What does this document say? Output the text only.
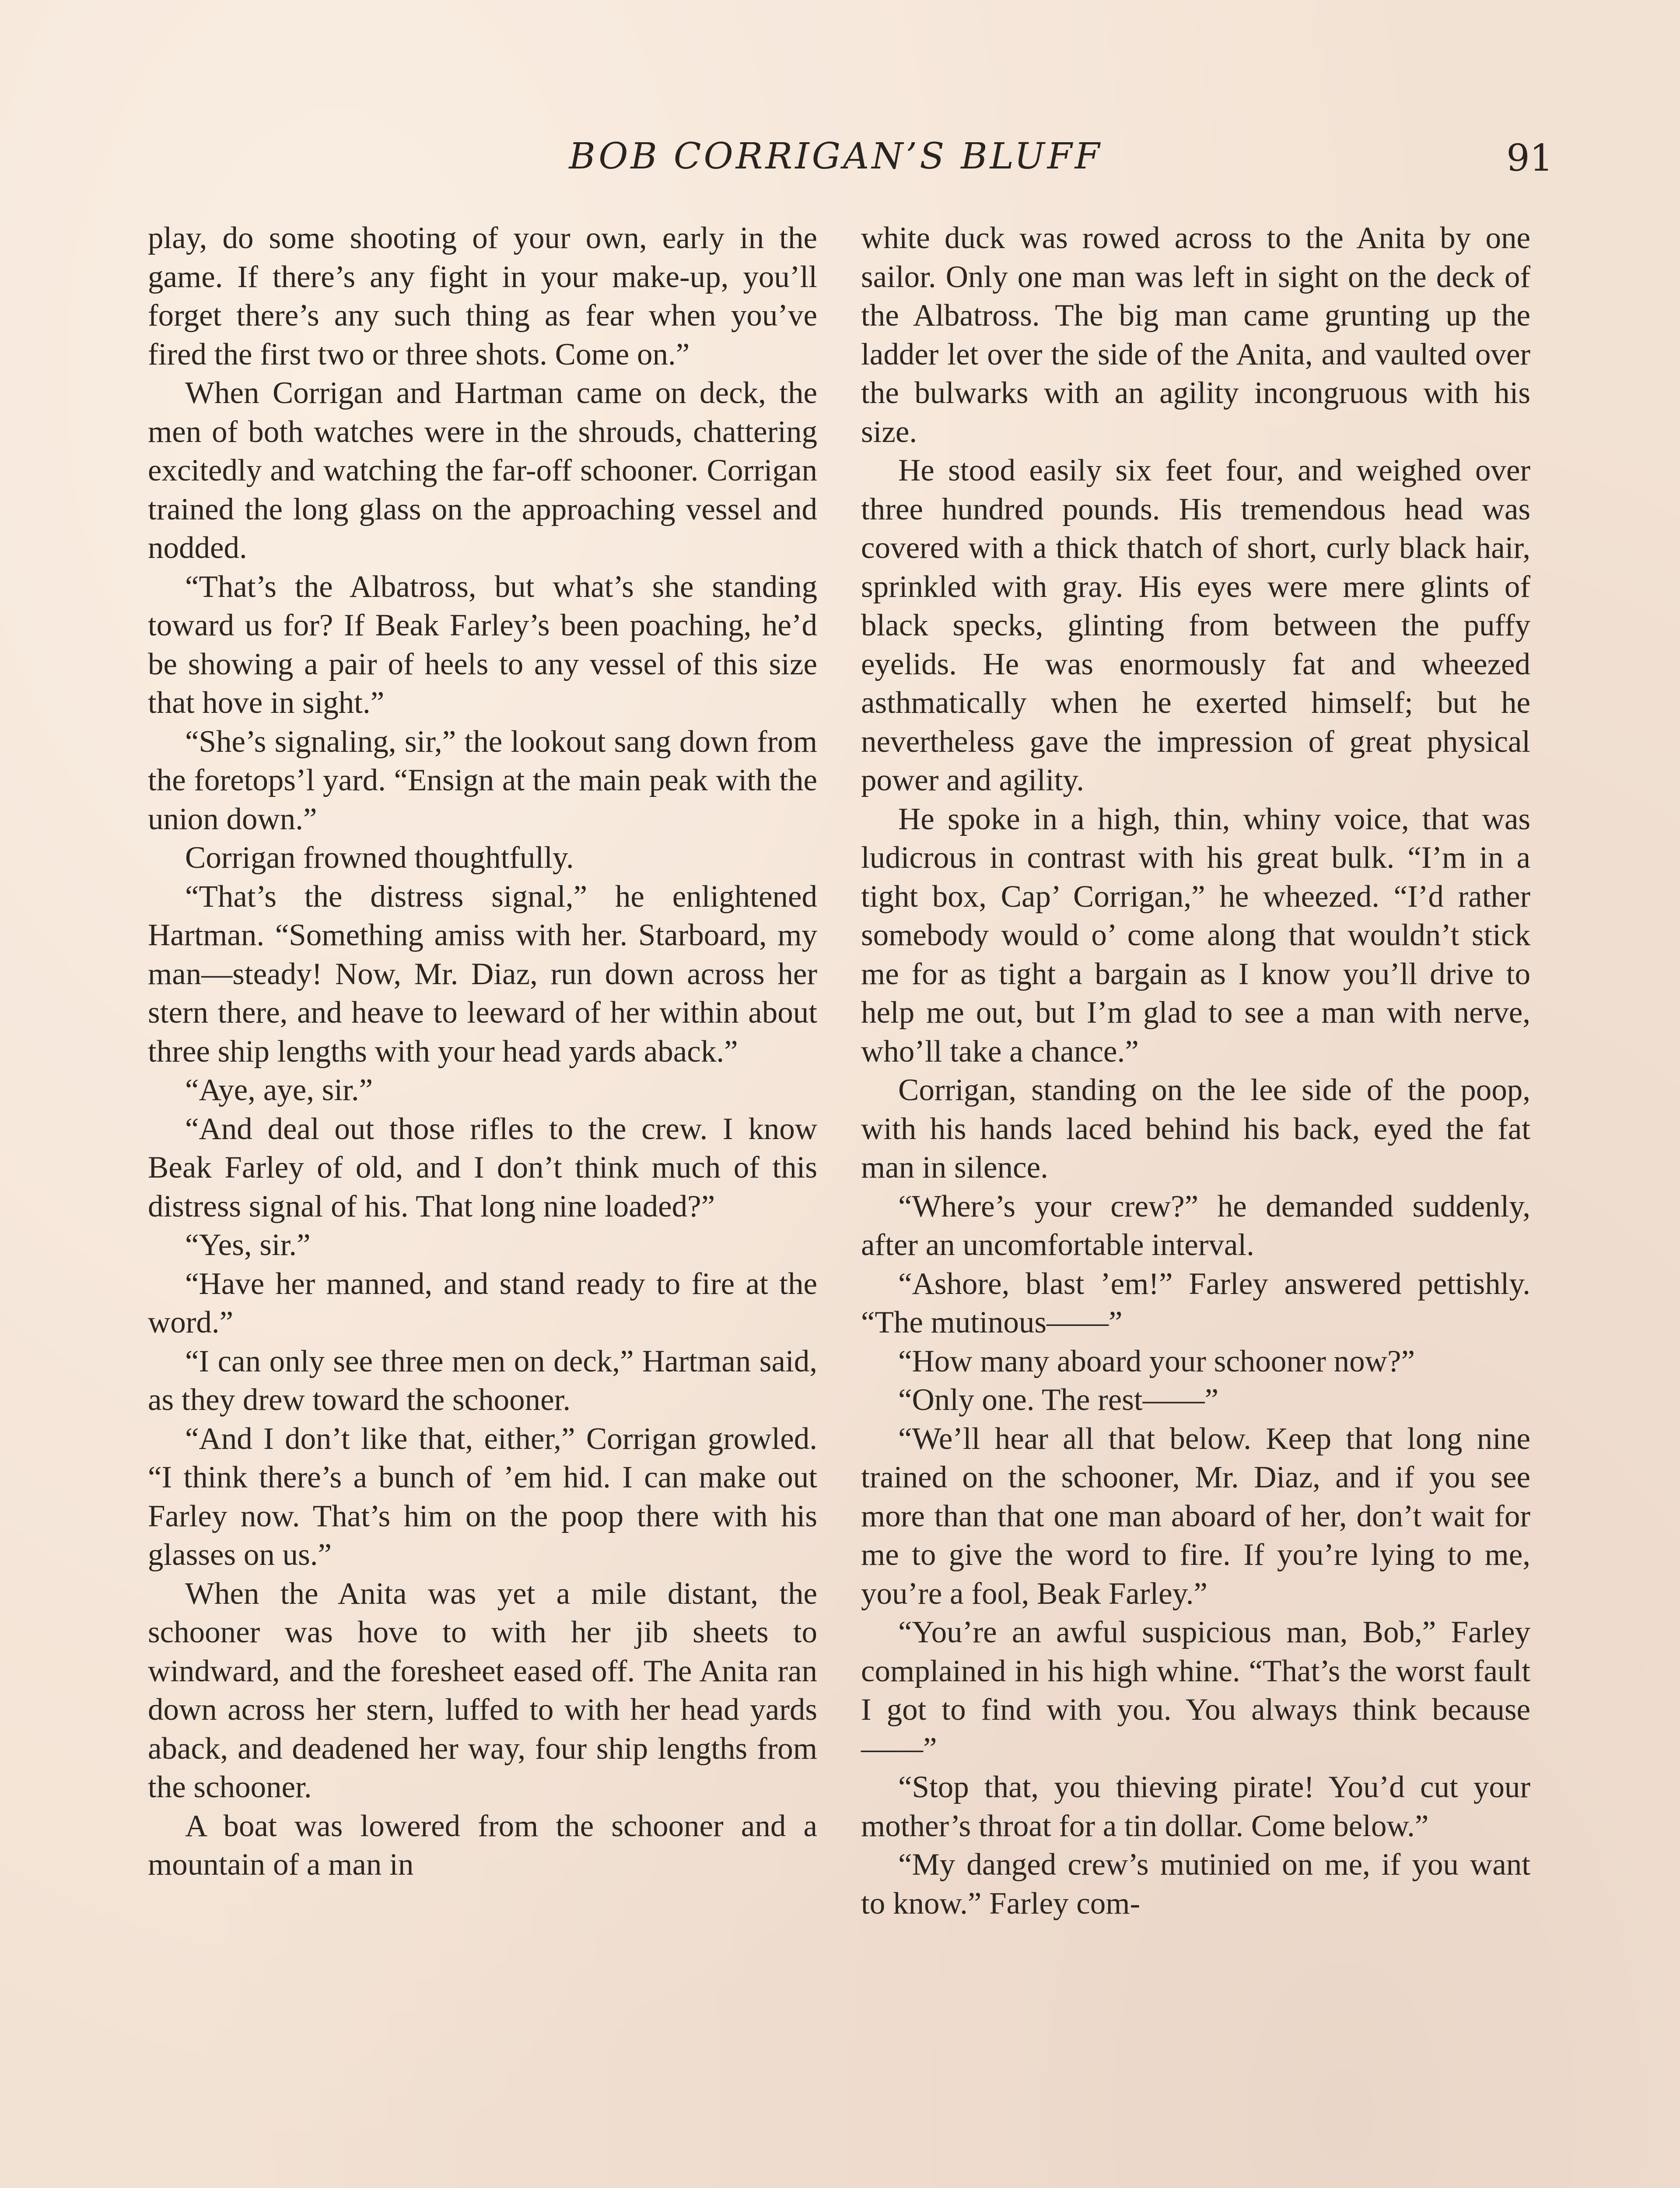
BOB CORRIGAN’S BLUFF	91

play, do some shooting of your own, early in the game. If there’s any fight in your make-up, you’ll forget there’s any such thing as fear when you’ve fired the first two or three shots. Come on.”

When Corrigan and Hartman came on deck, the men of both watches were in the shrouds, chattering excitedly and watching the far-off schooner. Corrigan trained the long glass on the approaching vessel and nodded.

“That’s the Albatross, but what’s she standing toward us for? If Beak Farley’s been poaching, he’d be showing a pair of heels to any vessel of this size that hove in sight.”

“She’s signaling, sir,” the lookout sang down from the foretops’l yard. “Ensign at the main peak with the union down.”

Corrigan frowned thoughtfully.

“That’s the distress signal,” he enlightened Hartman. “Something amiss with her. Starboard, my man—steady! Now, Mr. Diaz, run down across her stern there, and heave to leeward of her within about three ship lengths with your head yards aback.”

“Aye, aye, sir.”

“And deal out those rifles to the crew. I know Beak Farley of old, and I don’t think much of this distress signal of his. That long nine loaded?”

“Yes, sir.”

“Have her manned, and stand ready to fire at the word.”

“I can only see three men on deck,” Hartman said, as they drew toward the schooner.

“And I don’t like that, either,” Corrigan growled. “I think there’s a bunch of ’em hid. I can make out Farley now. That’s him on the poop there with his glasses on us.”

When the Anita was yet a mile distant, the schooner was hove to with her jib sheets to windward, and the foresheet eased off. The Anita ran down across her stern, luffed to with her head yards aback, and deadened her way, four ship lengths from the schooner.

A boat was lowered from the schooner and a mountain of a man in

white duck was rowed across to the Anita by one sailor. Only one man was left in sight on the deck of the Albatross. The big man came grunting up the ladder let over the side of the Anita, and vaulted over the bulwarks with an agility incongruous with his size.

He stood easily six feet four, and weighed over three hundred pounds. His tremendous head was covered with a thick thatch of short, curly black hair, sprinkled with gray. His eyes were mere glints of black specks, glinting from between the puffy eyelids. He was enormously fat and wheezed asthmatically when he exerted himself; but he nevertheless gave the impression of great physical power and agility.

He spoke in a high, thin, whiny voice, that was ludicrous in contrast with his great bulk. “I’m in a tight box, Cap’ Corrigan,” he wheezed. “I’d rather somebody would o’ come along that wouldn’t stick me for as tight a bargain as I know you’ll drive to help me out, but I’m glad to see a man with nerve, who’ll take a chance.”

Corrigan, standing on the lee side of the poop, with his hands laced behind his back, eyed the fat man in silence.

“Where’s your crew?” he demanded suddenly, after an uncomfortable interval.

“Ashore, blast ’em!” Farley answered pettishly. “The mutinous——”

“How many aboard your schooner now?”

“Only one. The rest——”

“We’ll hear all that below. Keep that long nine trained on the schooner, Mr. Diaz, and if you see more than that one man aboard of her, don’t wait for me to give the word to fire. If you’re lying to me, you’re a fool, Beak Farley.”

“You’re an awful suspicious man, Bob,” Farley complained in his high whine. “That’s the worst fault I got to find with you. You always think because——”

“Stop that, you thieving pirate! You’d cut your mother’s throat for a tin dollar. Come below.”

“My danged crew’s mutinied on me, if you want to know.” Farley com-
